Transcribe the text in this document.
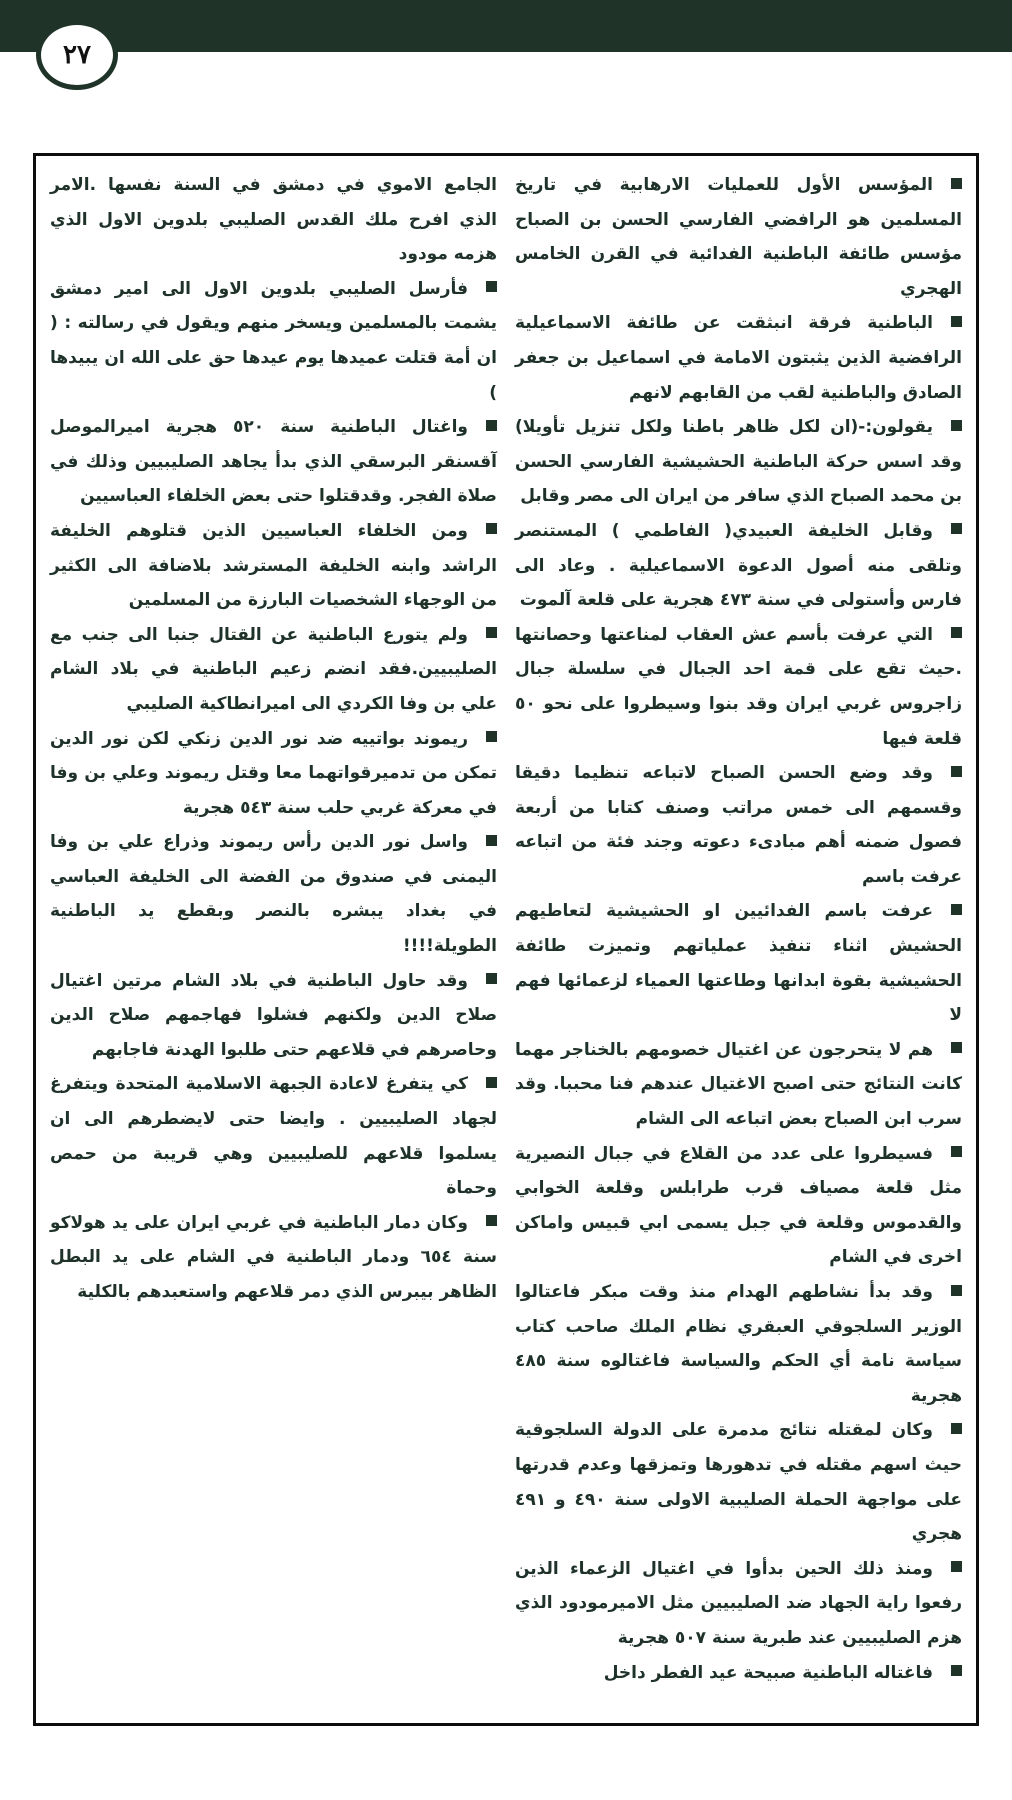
٢٧

المؤسس الأول للعمليات الارهابية في تاريخ المسلمين هو الرافضي الفارسي الحسن بن الصباح مؤسس طائفة الباطنية الفدائية في القرن الخامس الهجري

الباطنية فرقة انبثقت عن طائفة الاسماعيلية الرافضية الذين يثبتون الامامة في اسماعيل بن جعفر الصادق والباطنية لقب من القابهم لانهم

يقولون:-(ان لكل ظاهر باطنا ولكل تنزيل تأويلا) وقد اسس حركة الباطنية الحشيشية الفارسي الحسن بن محمد الصباح الذي سافر من ايران الى مصر وقابل

وقابل الخليفة العبيدي( الفاطمي ) المستنصر وتلقى منه أصول الدعوة الاسماعيلية . وعاد الى فارس وأستولى في سنة ٤٧٣ هجرية على قلعة آلموت

التي عرفت بأسم عش العقاب لمناعتها وحصانتها .حيث تقع على قمة احد الجبال في سلسلة جبال زاجروس غربي ايران وقد بنوا وسيطروا على نحو ٥٠ قلعة فيها

وقد وضع الحسن الصباح لاتباعه تنظيما دقيقا وقسمهم الى خمس مراتب وصنف كتابا من أربعة فصول ضمنه أهم مبادىء دعوته وجند فئة من اتباعه عرفت باسم

عرفت باسم الفدائيين او الحشيشية لتعاطيهم الحشيش اثناء تنفيذ عملياتهم وتميزت طائفة الحشيشية بقوة ابدانها وطاعتها العمياء لزعمائها فهم لا

هم لا يتحرجون عن اغتيال خصومهم بالخناجر مهما كانت النتائج حتى اصبح الاغتيال عندهم فنا محببا. وقد سرب ابن الصباح بعض اتباعه الى الشام

فسيطروا على عدد من القلاع في جبال النصيرية مثل قلعة مصياف قرب طرابلس وقلعة الخوابي والقدموس وقلعة في جبل يسمى ابي قبيس واماكن اخرى في الشام

وقد بدأ نشاطهم الهدام منذ وقت مبكر فاعتالوا الوزير السلجوقي العبقري نظام الملك صاحب كتاب سياسة نامة أي الحكم والسياسة فاغتالوه سنة ٤٨٥ هجرية

وكان لمقتله نتائج مدمرة على الدولة السلجوقية حيث اسهم مقتله في تدهورها وتمزقها وعدم قدرتها على مواجهة الحملة الصليبية الاولى سنة ٤٩٠ و ٤٩١ هجري

ومنذ ذلك الحين بدأوا في اغتيال الزعماء الذين رفعوا راية الجهاد ضد الصليبيين مثل الاميرمودود الذي هزم الصليبيين عند طبرية سنة ٥٠٧ هجرية

فاغتاله الباطنية صبيحة عيد الفطر داخل

الجامع الاموي في دمشق في السنة نفسها .الامر الذي افرح ملك القدس الصليبي بلدوين الاول الذي هزمه مودود

فأرسل الصليبي بلدوين الاول الى امير دمشق يشمت بالمسلمين ويسخر منهم ويقول في رسالته : ( ان أمة قتلت عميدها يوم عيدها حق على الله ان يبيدها )

واغتال الباطنية سنة ٥٢٠ هجرية اميرالموصل آقسنقر البرسقي الذي بدأ يجاهد الصليبيين وذلك في صلاة الفجر. وقدقتلوا حتى بعض الخلفاء العباسيين

ومن الخلفاء العباسيين الذين قتلوهم الخليفة الراشد وابنه الخليفة المسترشد بلاضافة الى الكثير من الوجهاء الشخصيات البارزة من المسلمين

ولم يتورع الباطنية عن القتال جنبا الى جنب مع الصليبيين.فقد انضم زعيم الباطنية في بلاد الشام علي بن وفا الكردي الى اميرانطاكية الصليبي

ريموند بواتييه ضد نور الدين زنكي لكن نور الدين تمكن من تدميرقواتهما معا وقتل ريموند وعلي بن وفا في معركة غربي حلب سنة ٥٤٣ هجرية

واسل نور الدين رأس ريموند وذراع علي بن وفا اليمنى في صندوق من الفضة الى الخليفة العباسي في بغداد يبشره بالنصر وبقطع يد الباطنية الطويلة!!!!

وقد حاول الباطنية في بلاد الشام مرتين اغتيال صلاح الدين ولكنهم فشلوا فهاجمهم صلاح الدين وحاصرهم في قلاعهم حتى طلبوا الهدنة فاجابهم

كي يتفرغ لاعادة الجبهة الاسلامية المتحدة ويتفرغ لجهاد الصليبيين . وايضا حتى لايضطرهم الى ان يسلموا قلاعهم للصليبيين وهي قريبة من حمص وحماة

وكان دمار الباطنية في غربي ايران على يد هولاكو سنة ٦٥٤ ودمار الباطنية في الشام على يد البطل الظاهر بيبرس الذي دمر قلاعهم واستعبدهم بالكلية
